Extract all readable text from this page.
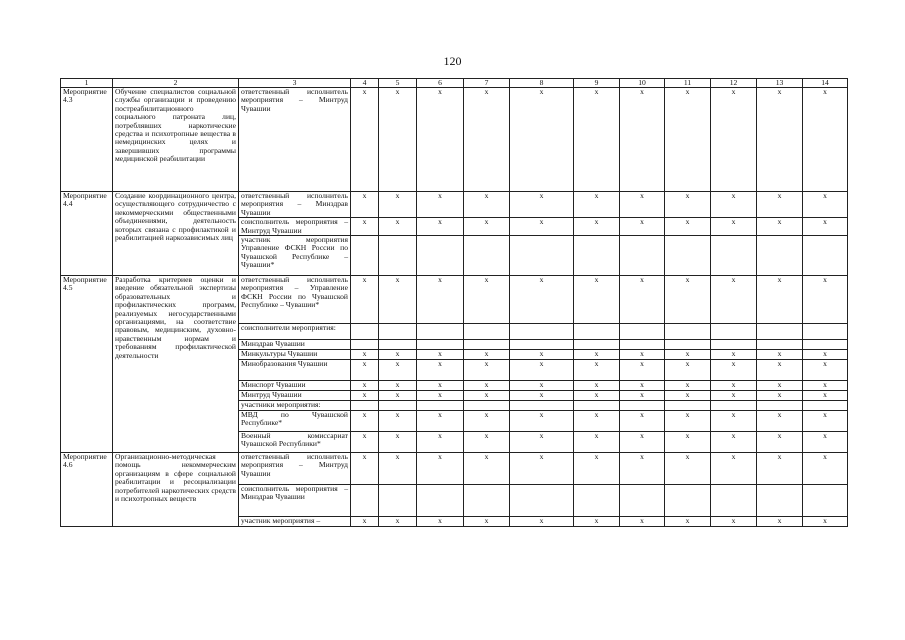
120
1	2	3	4	5	6	7	8	9	10	11	12	13	14
Мероприятие 4.3	Обучение специалистов социальной службы организации и проведению постреабилитационного социального патроната лиц, потреблявших наркотические средства и психотропные вещества в немедицинских целях и завершивших программы медицинской реабилитации	ответственный исполнитель мероприятия – Минтруд Чувашии	x	x	x	x	x	x	x	x	x	x	x
Мероприятие 4.4	Создание координационного центра, осуществляющего сотрудничество с некоммерческими общественными объединениями, деятельность которых связана с профилактикой и реабилитацией наркозависимых лиц	ответственный исполнитель мероприятия – Минздрав Чувашии	x	x	x	x	x	x	x	x	x	x	x
		соисполнитель мероприятия – Минтруд Чувашии	x	x	x	x	x	x	x	x	x	x	x
		участник мероприятия Управление ФСКН России по Чувашской Республике – Чувашии*											
Мероприятие 4.5	Разработка критериев оценки и введение обязательной экспертизы образовательных и профилактических программ, реализуемых негосударственными организациями, на соответствие правовым, медицинским, духовно-нравственным нормам и требованиям профилактической деятельности	ответственный исполнитель мероприятия – Управление ФСКН России по Чувашской Республике – Чувашии*	x	x	x	x	x	x	x	x	x	x	x
		соисполнители мероприятия:											
		Минздрав Чувашии											
		Минкультуры Чувашии	x	x	x	x	x	x	x	x	x	x	x
		Минобразования Чувашии	x	x	x	x	x	x	x	x	x	x	x
		Минспорт Чувашии	x	x	x	x	x	x	x	x	x	x	x
		Минтруд Чувашии	x	x	x	x	x	x	x	x	x	x	x
		участники мероприятия:											
		МВД по Чувашской Республике*	x	x	x	x	x	x	x	x	x	x	x
		Военный комиссариат Чувашской Республики*	x	x	x	x	x	x	x	x	x	x	x
Мероприятие 4.6	Организационно-методическая помощь некоммерческим организациям в сфере социальной реабилитации и ресоциализации потребителей наркотических средств и психотропных веществ	ответственный исполнитель мероприятия – Минтруд Чувашии	x	x	x	x	x	x	x	x	x	x	x
		соисполнитель мероприятия – Минздрав Чувашии											
		участник мероприятия –	x	x	x	x	x	x	x	x	x	x	x
